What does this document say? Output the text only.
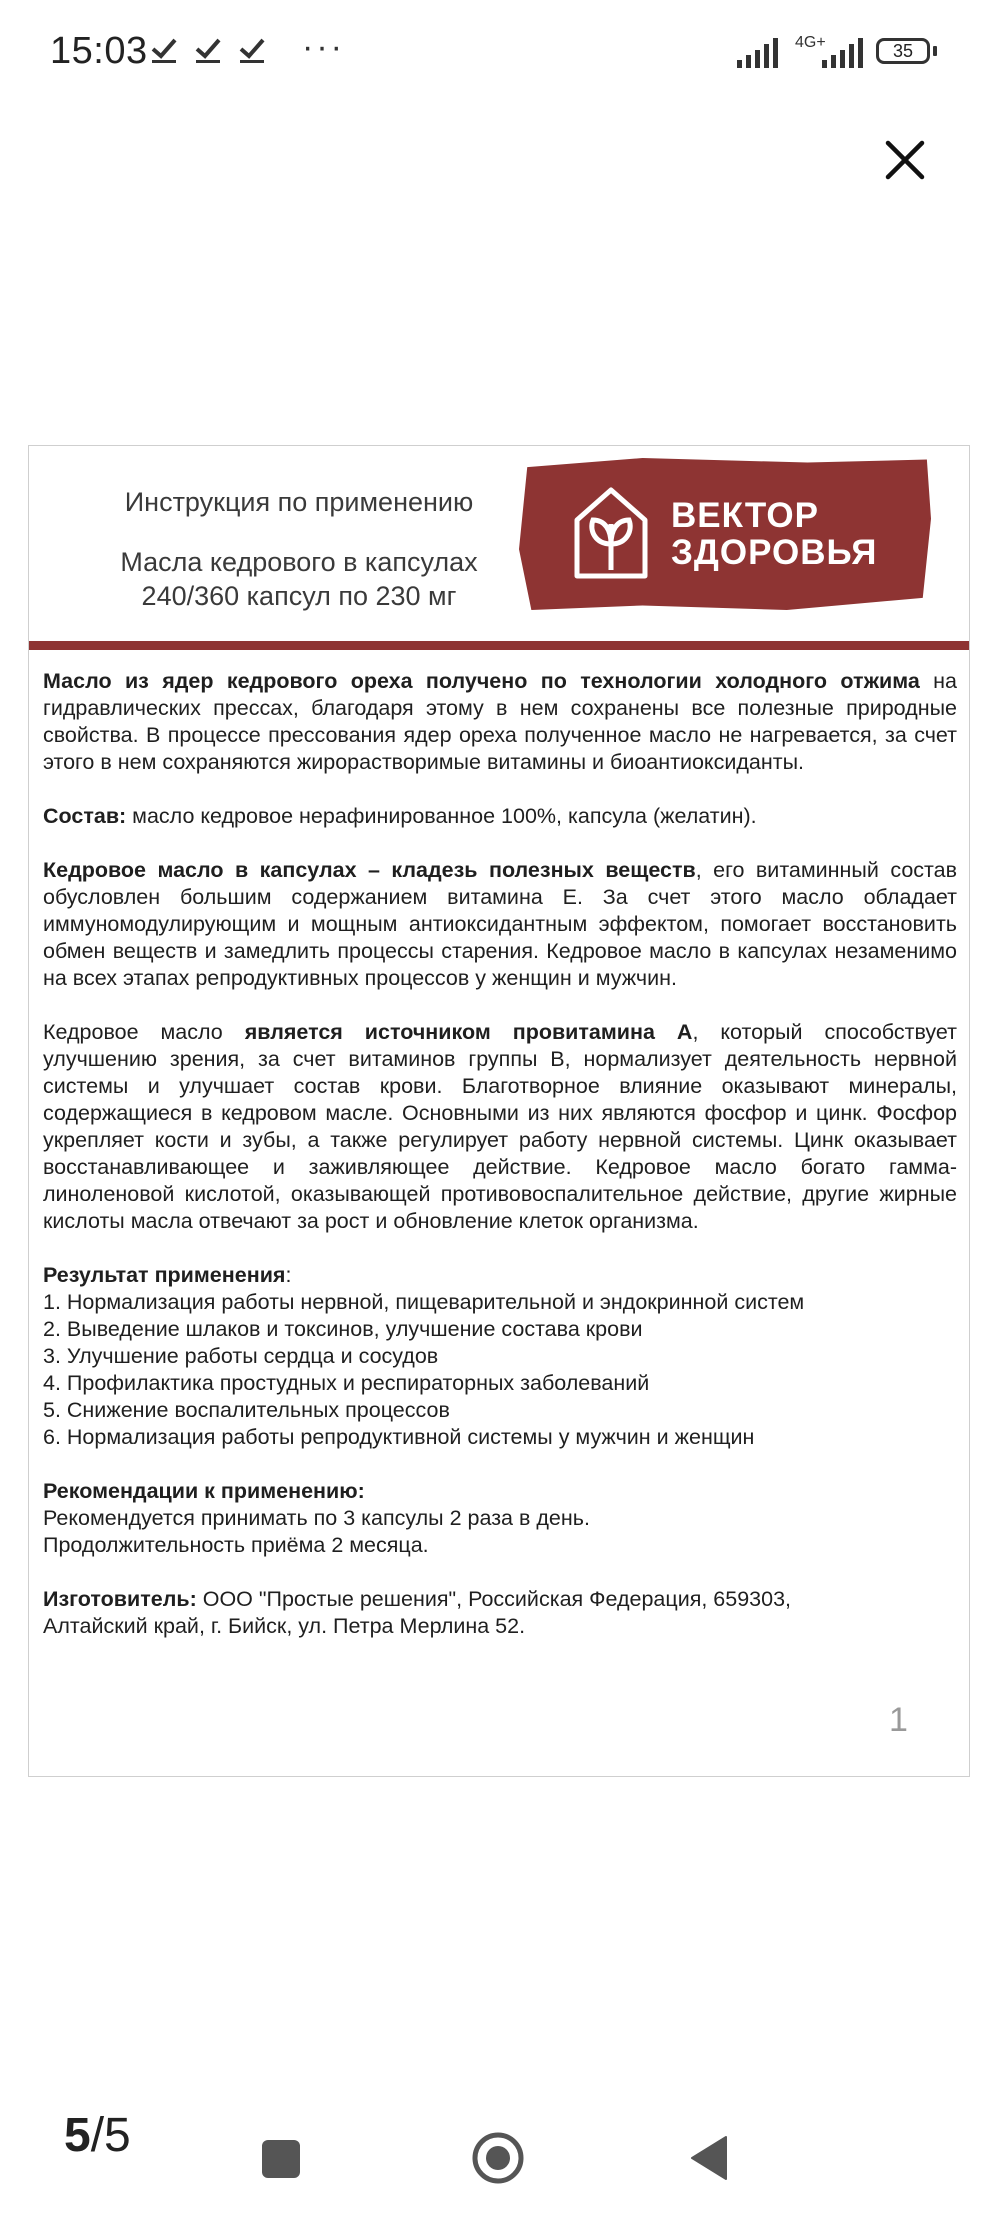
15:03	···	4G+	35
Инструкция по применению
Масла кедрового в капсулах
240/360 капсул по 230 мг
ВЕКТОР
ЗДОРОВЬЯ

Масло из ядер кедрового ореха получено по технологии холодного отжима на гидравлических прессах, благодаря этому в нем сохранены все полезные природные свойства. В процессе прессования ядер ореха полученное масло не нагревается, за счет этого в нем сохраняются жирорастворимые витамины и биоантиоксиданты.

Состав: масло кедровое нерафинированное 100%, капсула (желатин).

Кедровое масло в капсулах – кладезь полезных веществ, его витаминный состав обусловлен большим содержанием витамина Е. За счет этого масло обладает иммуномодулирующим и мощным антиоксидантным эффектом, помогает восстановить обмен веществ и замедлить процессы старения. Кедровое масло в капсулах незаменимо на всех этапах репродуктивных процессов у женщин и мужчин.

Кедровое масло является источником провитамина А, который способствует улучшению зрения, за счет витаминов группы В, нормализует деятельность нервной системы и улучшает состав крови. Благотворное влияние оказывают минералы, содержащиеся в кедровом масле. Основными из них являются фосфор и цинк. Фосфор укрепляет кости и зубы, а также регулирует работу нервной системы. Цинк оказывает восстанавливающее и заживляющее действие. Кедровое масло богато гамма-линоленовой кислотой, оказывающей противовоспалительное действие, другие жирные кислоты масла отвечают за рост и обновление клеток организма.

Результат применения:
1. Нормализация работы нервной, пищеварительной и эндокринной систем
2. Выведение шлаков и токсинов, улучшение состава крови
3. Улучшение работы сердца и сосудов
4. Профилактика простудных и респираторных заболеваний
5. Снижение воспалительных процессов
6. Нормализация работы репродуктивной системы у мужчин и женщин
Рекомендации к применению:
Рекомендуется принимать по 3 капсулы 2 раза в день.
Продолжительность приёма 2 месяца.
Изготовитель: ООО "Простые решения", Российская Федерация, 659303,
Алтайский край, г. Бийск, ул. Петра Мерлина 52.
1
5/5
